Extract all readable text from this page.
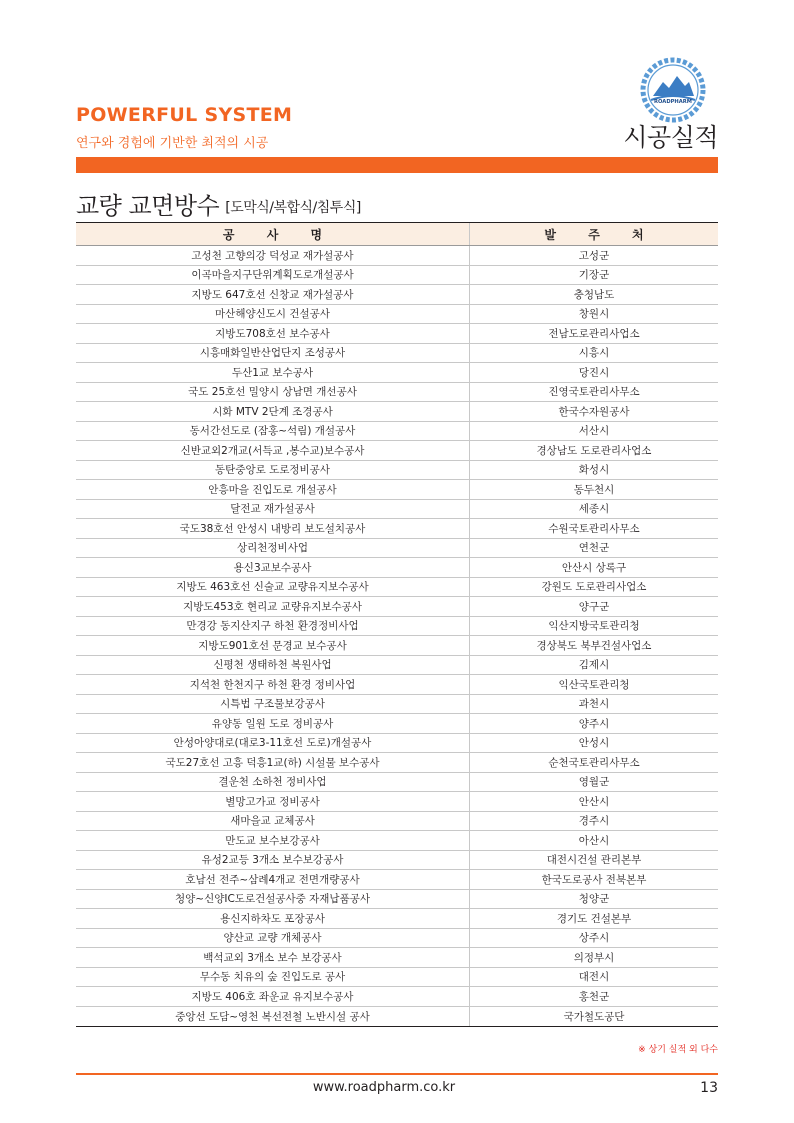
POWERFUL SYSTEM
연구와 경험에 기반한 최적의 시공
ROADPHARM
시공실적
교량 교면방수 [도막식/복합식/침투식]
공 사 명	발 주 처
고성천 고향의강 덕성교 재가설공사	고성군
이곡마을지구단위계획도로개설공사	기장군
지방도 647호선 신창교 재가설공사	충청남도
마산해양신도시 건설공사	창원시
지방도708호선 보수공사	전남도로관리사업소
시흥매화일반산업단지 조성공사	시흥시
두산1교 보수공사	당진시
국도 25호선 밀양시 상남면 개선공사	진영국토관리사무소
시화 MTV 2단계 조경공사	한국수자원공사
동서간선도로 (잠홍~석림) 개설공사	서산시
신반교외2개교(서득교 ,봉수교)보수공사	경상남도 도로관리사업소
동탄중앙로 도로정비공사	화성시
안흥마을 진입도로 개설공사	동두천시
달전교 재가설공사	세종시
국도38호선 안성시 내방리 보도설치공사	수원국토관리사무소
상리천정비사업	연천군
용신3교보수공사	안산시 상록구
지방도 463호선 신술교 교량유지보수공사	강원도 도로관리사업소
지방도453호 현리교 교량유지보수공사	양구군
만경강 동지산지구 하천 환경정비사업	익산지방국토관리청
지방도901호선 문경교 보수공사	경상북도 북부건설사업소
신평천 생태하천 복원사업	김제시
지석천 한천지구 하천 환경 정비사업	익산국토관리청
시특법 구조물보강공사	과천시
유양동 일원 도로 정비공사	양주시
안성아양대로(대로3-11호선 도로)개설공사	안성시
국도27호선 고흥 덕흥1교(하) 시설물 보수공사	순천국토관리사무소
결운천 소하천 정비사업	영월군
별망고가교 정비공사	안산시
새마을교 교체공사	경주시
만도교 보수보강공사	아산시
유성2교등 3개소 보수보강공사	대전시건설 관리본부
호남선 전주~삼례4개교 전면개량공사	한국도로공사 전북본부
청양~신양IC도로건설공사중 자재납품공사	청양군
용신지하차도 포장공사	경기도 건설본부
양산교 교량 개체공사	상주시
백석교외 3개소 보수 보강공사	의정부시
무수동 치유의 숲 진입도로 공사	대전시
지방도 406호 좌운교 유지보수공사	홍천군
중앙선 도담~영천 복선전철 노반시설 공사	국가철도공단
※ 상기 실적 외 다수
www.roadpharm.co.kr	13
